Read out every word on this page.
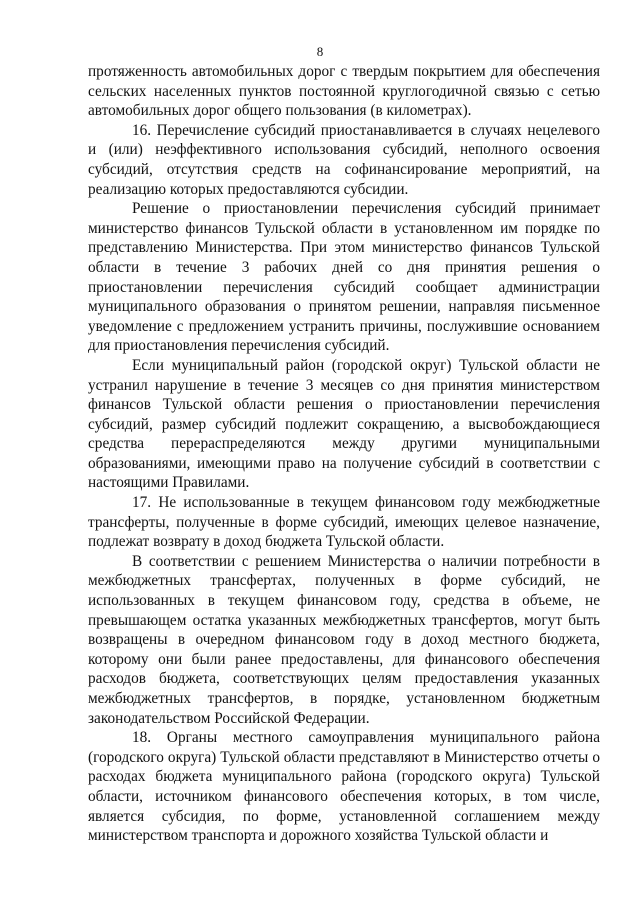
8

протяженность автомобильных дорог с твердым покрытием для обеспечения сельских населенных пунктов постоянной круглогодичной связью с сетью автомобильных дорог общего пользования (в километрах).

16. Перечисление субсидий приостанавливается в случаях нецелевого и (или) неэффективного использования субсидий, неполного освоения субсидий, отсутствия средств на софинансирование мероприятий, на реализацию которых предоставляются субсидии.

Решение о приостановлении перечисления субсидий принимает министерство финансов Тульской области в установленном им порядке по представлению Министерства. При этом министерство финансов Тульской области в течение 3 рабочих дней со дня принятия решения о приостановлении перечисления субсидий сообщает администрации муниципального образования о принятом решении, направляя письменное уведомление с предложением устранить причины, послужившие основанием для приостановления перечисления субсидий.

Если муниципальный район (городской округ) Тульской области не устранил нарушение в течение 3 месяцев со дня принятия министерством финансов Тульской области решения о приостановлении перечисления субсидий, размер субсидий подлежит сокращению, а высвобождающиеся средства перераспределяются между другими муниципальными образованиями, имеющими право на получение субсидий в соответствии с настоящими Правилами.

17. Не использованные в текущем финансовом году межбюджетные трансферты, полученные в форме субсидий, имеющих целевое назначение, подлежат возврату в доход бюджета Тульской области.

В соответствии с решением Министерства о наличии потребности в межбюджетных трансфертах, полученных в форме субсидий, не использованных в текущем финансовом году, средства в объеме, не превышающем остатка указанных межбюджетных трансфертов, могут быть возвращены в очередном финансовом году в доход местного бюджета, которому они были ранее предоставлены, для финансового обеспечения расходов бюджета, соответствующих целям предоставления указанных межбюджетных трансфертов, в порядке, установленном бюджетным законодательством Российской Федерации.

18. Органы местного самоуправления муниципального района (городского округа) Тульской области представляют в Министерство отчеты о расходах бюджета муниципального района (городского округа) Тульской области, источником финансового обеспечения которых, в том числе, является субсидия, по форме, установленной соглашением между министерством транспорта и дорожного хозяйства Тульской области и
